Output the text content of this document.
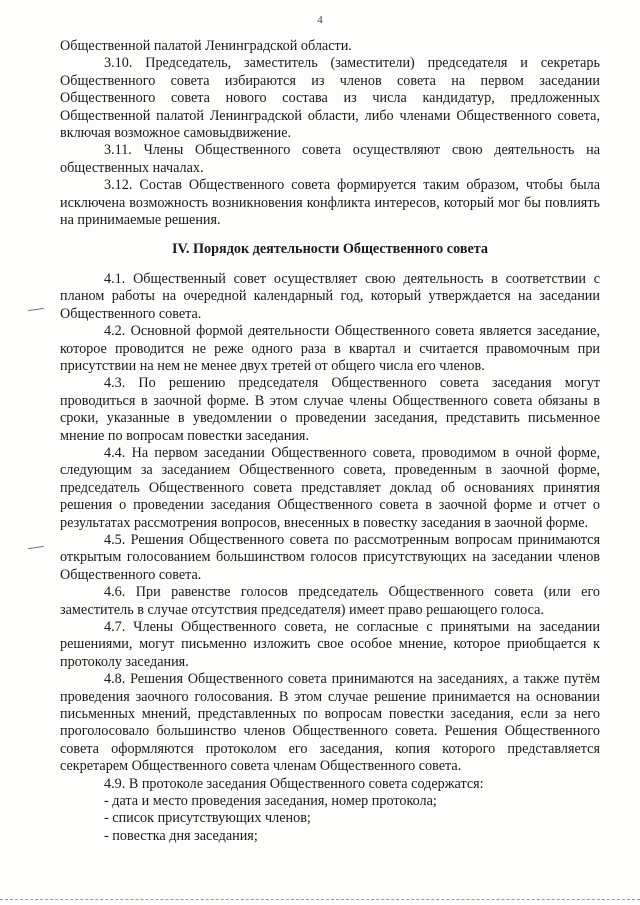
4

Общественной палатой Ленинградской области.

3.10. Председатель, заместитель (заместители) председателя и секретарь Общественного совета избираются из членов совета на первом заседании Общественного совета нового состава из числа кандидатур, предложенных Общественной палатой Ленинградской области, либо членами Общественного совета, включая возможное самовыдвижение.

3.11. Члены Общественного совета осуществляют свою деятельность на общественных началах.

3.12. Состав Общественного совета формируется таким образом, чтобы была исключена возможность возникновения конфликта интересов, который мог бы повлиять на принимаемые решения.

IV. Порядок деятельности Общественного совета

4.1. Общественный совет осуществляет свою деятельность в соответствии с планом работы на очередной календарный год, который утверждается на заседании Общественного совета.

4.2. Основной формой деятельности Общественного совета является заседание, которое проводится не реже одного раза в квартал и считается правомочным при присутствии на нем не менее двух третей от общего числа его членов.

4.3. По решению председателя Общественного совета заседания могут проводиться в заочной форме. В этом случае члены Общественного совета обязаны в сроки, указанные в уведомлении о проведении заседания, представить письменное мнение по вопросам повестки заседания.

4.4. На первом заседании Общественного совета, проводимом в очной форме, следующим за заседанием Общественного совета, проведенным в заочной форме, председатель Общественного совета представляет доклад об основаниях принятия решения о проведении заседания Общественного совета в заочной форме и отчет о результатах рассмотрения вопросов, внесенных в повестку заседания в заочной форме.

4.5. Решения Общественного совета по рассмотренным вопросам принимаются открытым голосованием большинством голосов присутствующих на заседании членов Общественного совета.

4.6. При равенстве голосов председатель Общественного совета (или его заместитель в случае отсутствия председателя) имеет право решающего голоса.

4.7. Члены Общественного совета, не согласные с принятыми на заседании решениями, могут письменно изложить свое особое мнение, которое приобщается к протоколу заседания.

4.8. Решения Общественного совета принимаются на заседаниях, а также путём проведения заочного голосования. В этом случае решение принимается на основании письменных мнений, представленных по вопросам повестки заседания, если за него проголосовало большинство членов Общественного совета. Решения Общественного совета оформляются протоколом его заседания, копия которого представляется секретарем Общественного совета членам Общественного совета.

4.9. В протоколе заседания Общественного совета содержатся:

- дата и место проведения заседания, номер протокола;

- список присутствующих членов;

- повестка дня заседания;
